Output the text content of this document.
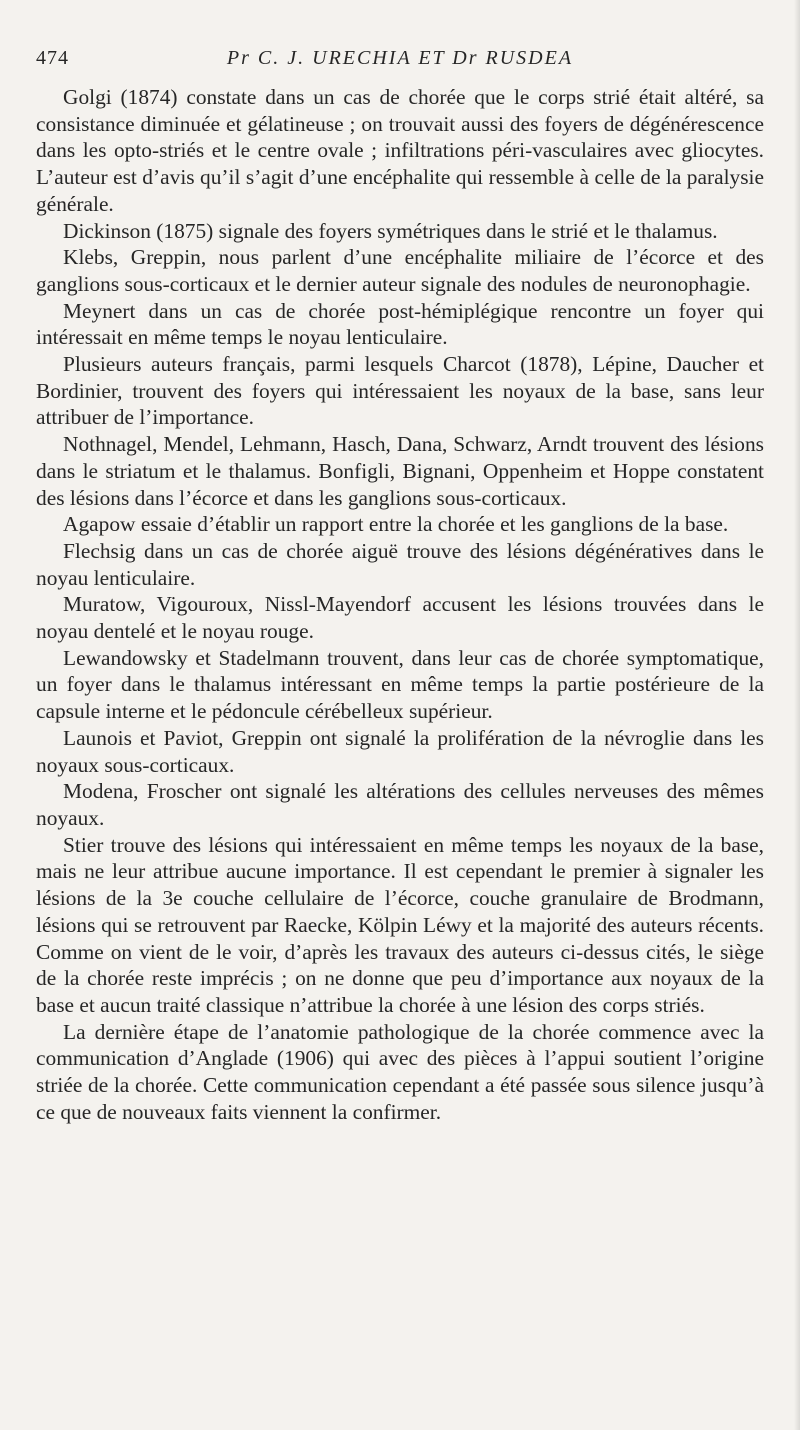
474	Pr C. J. URECHIA ET Dr RUSDEA

Golgi (1874) constate dans un cas de chorée que le corps strié était altéré, sa consistance diminuée et gélatineuse ; on trouvait aussi des foyers de dégénérescence dans les opto-striés et le centre ovale ; infiltrations péri-vasculaires avec gliocytes. L’auteur est d’avis qu’il s’agit d’une encéphalite qui ressemble à celle de la paralysie générale.

Dickinson (1875) signale des foyers symétriques dans le strié et le thalamus.

Klebs, Greppin, nous parlent d’une encéphalite miliaire de l’écorce et des ganglions sous-corticaux et le dernier auteur signale des nodules de neuronophagie.

Meynert dans un cas de chorée post-hémiplégique rencontre un foyer qui intéressait en même temps le noyau lenticulaire.

Plusieurs auteurs français, parmi lesquels Charcot (1878), Lépine, Daucher et Bordinier, trouvent des foyers qui intéressaient les noyaux de la base, sans leur attribuer de l’importance.

Nothnagel, Mendel, Lehmann, Hasch, Dana, Schwarz, Arndt trouvent des lésions dans le striatum et le thalamus. Bonfigli, Bignani, Oppenheim et Hoppe constatent des lésions dans l’écorce et dans les ganglions sous-corticaux.

Agapow essaie d’établir un rapport entre la chorée et les ganglions de la base.

Flechsig dans un cas de chorée aiguë trouve des lésions dégénératives dans le noyau lenticulaire.

Muratow, Vigouroux, Nissl-Mayendorf accusent les lésions trouvées dans le noyau dentelé et le noyau rouge.

Lewandowsky et Stadelmann trouvent, dans leur cas de chorée symptomatique, un foyer dans le thalamus intéressant en même temps la partie postérieure de la capsule interne et le pédoncule cérébelleux supérieur.

Launois et Paviot, Greppin ont signalé la prolifération de la névroglie dans les noyaux sous-corticaux.

Modena, Froscher ont signalé les altérations des cellules nerveuses des mêmes noyaux.

Stier trouve des lésions qui intéressaient en même temps les noyaux de la base, mais ne leur attribue aucune importance. Il est cependant le premier à signaler les lésions de la 3e couche cellulaire de l’écorce, couche granulaire de Brodmann, lésions qui se retrouvent par Raecke, Kölpin Léwy et la majorité des auteurs récents. Comme on vient de le voir, d’après les travaux des auteurs ci-dessus cités, le siège de la chorée reste imprécis ; on ne donne que peu d’importance aux noyaux de la base et aucun traité classique n’attribue la chorée à une lésion des corps striés.

La dernière étape de l’anatomie pathologique de la chorée commence avec la communication d’Anglade (1906) qui avec des pièces à l’appui soutient l’origine striée de la chorée. Cette communication cependant a été passée sous silence jusqu’à ce que de nouveaux faits viennent la confirmer.
